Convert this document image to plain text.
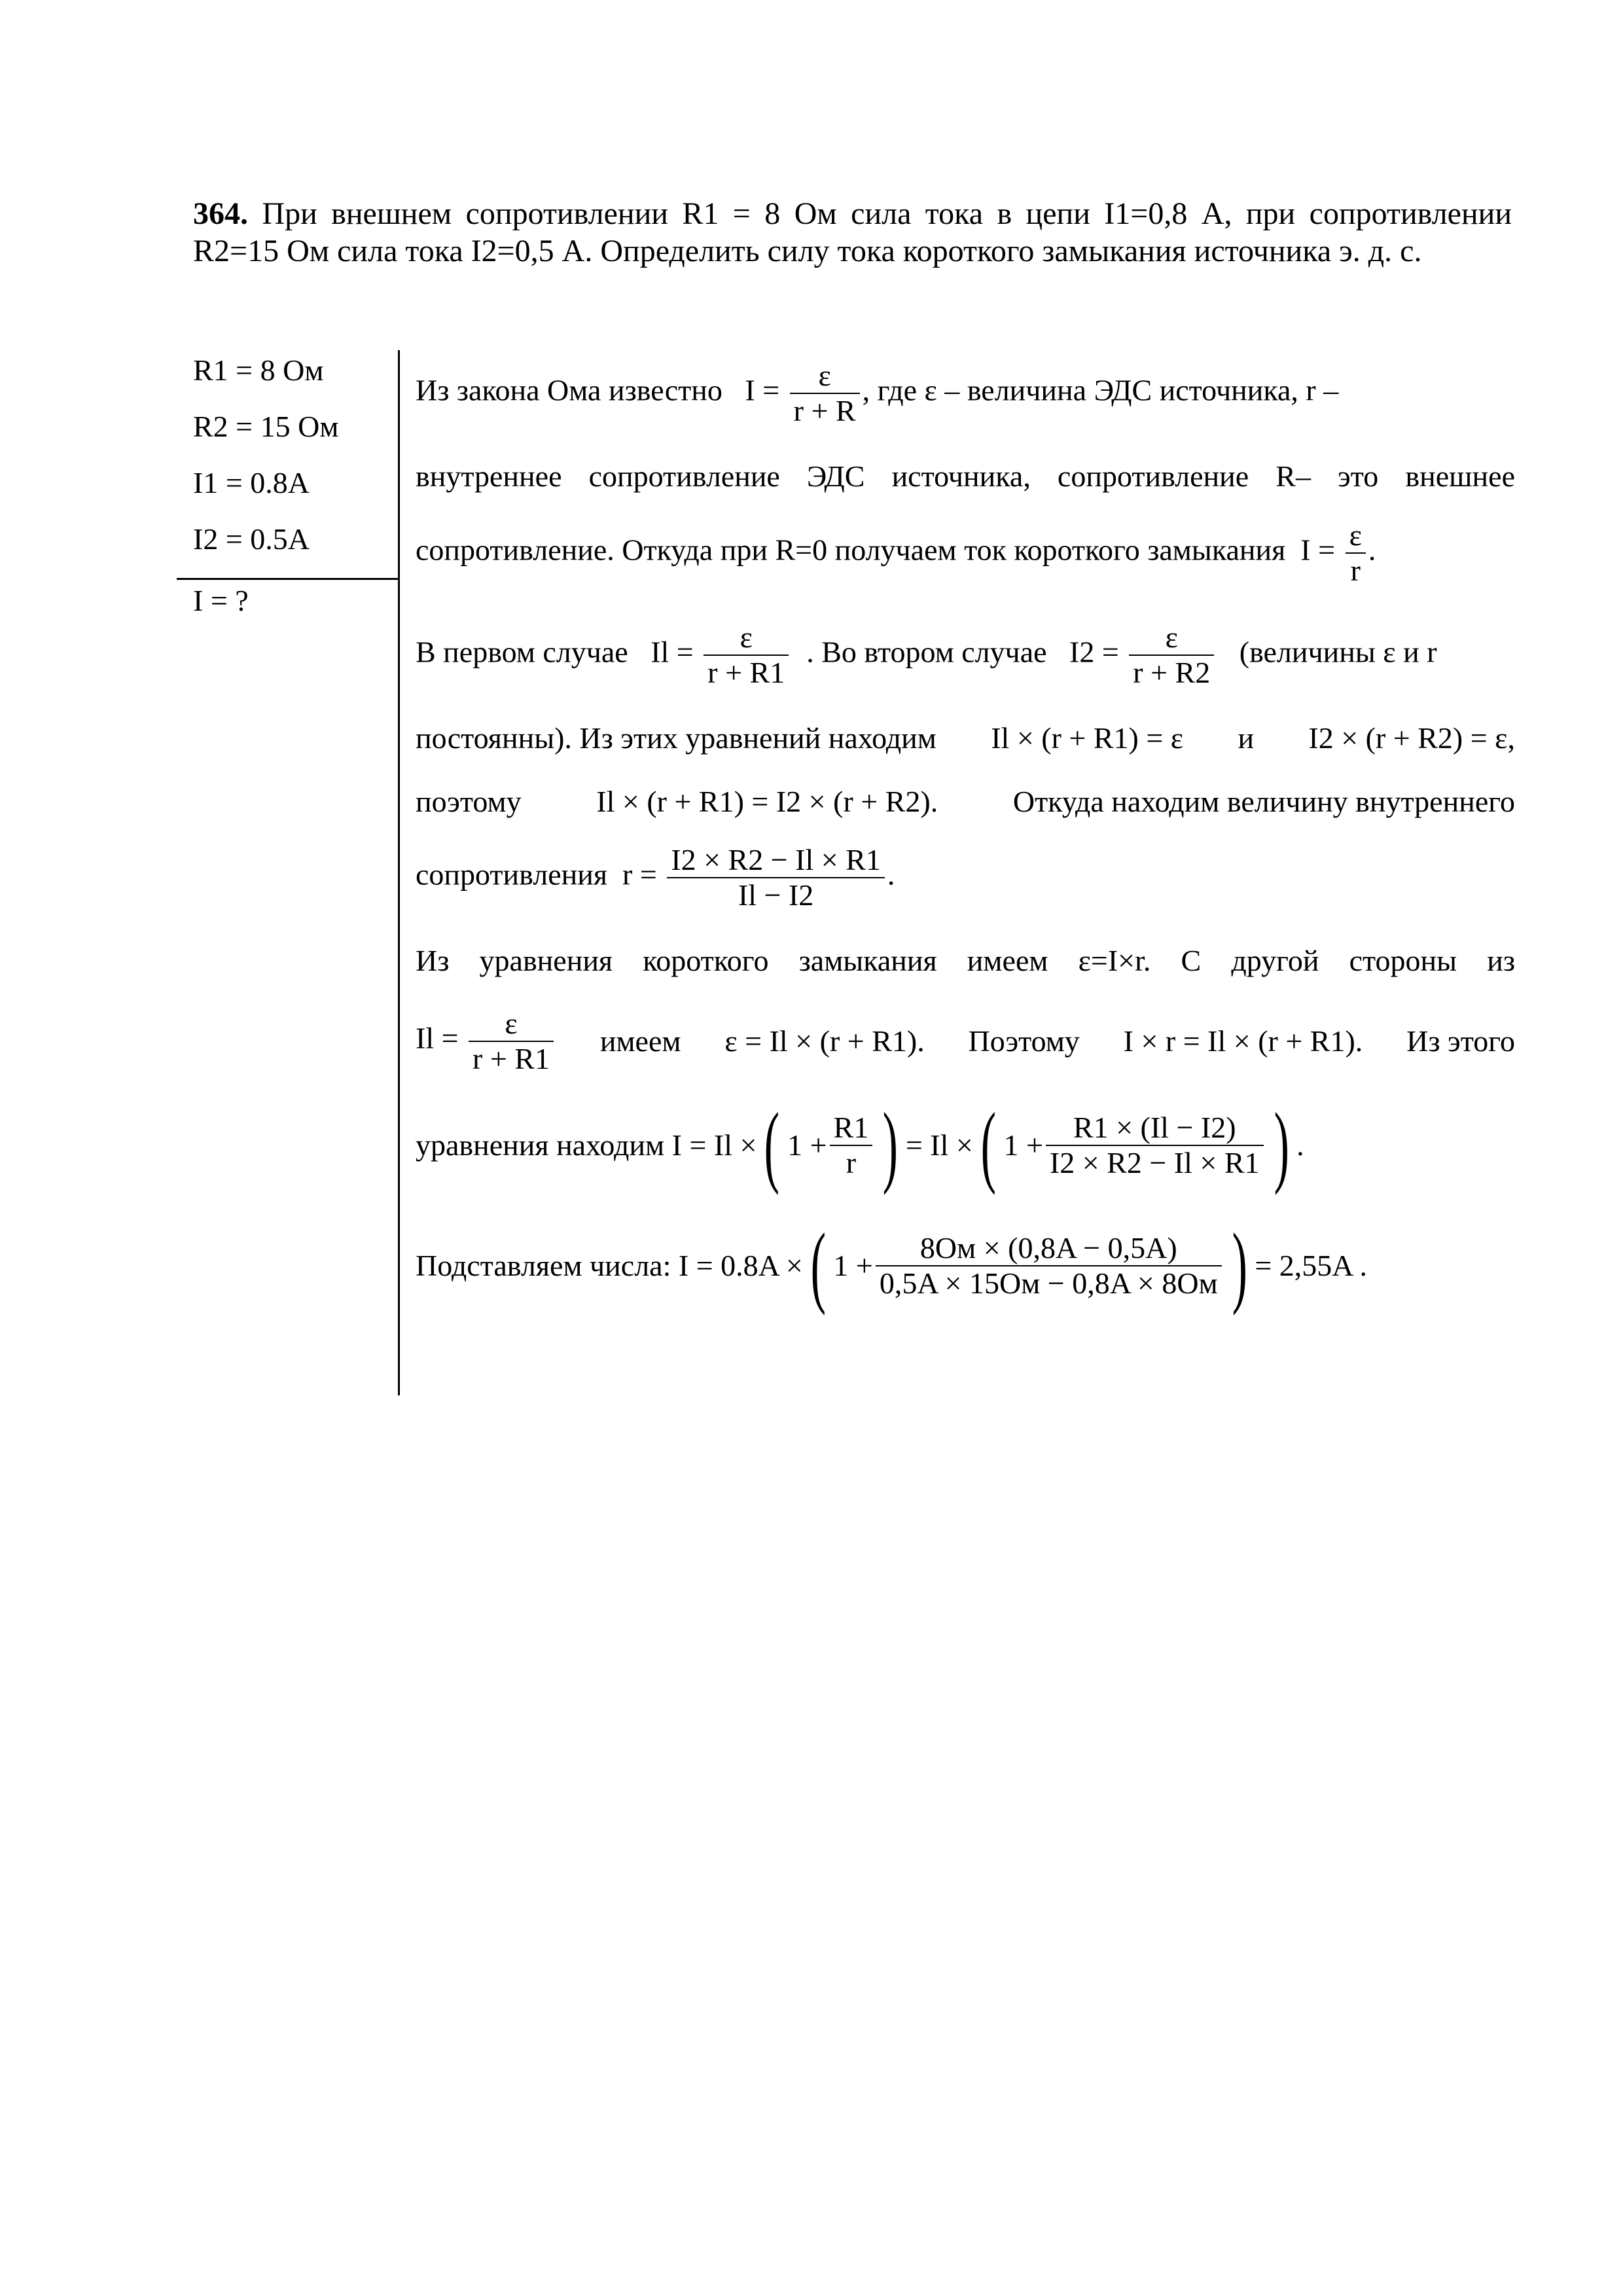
364. При внешнем сопротивлении R1 = 8 Ом сила тока в цепи I1=0,8 А, при сопротивлении R2=15 Ом сила тока I2=0,5 А. Определить силу тока короткого замыкания источника э. д. с.
R1 = 8 Ом
R2 = 15 Ом
I1 = 0.8A
I2 = 0.5A
I = ?
Из закона Ома известно $I = \frac{\varepsilon}{r + R}$ , где ε – величина ЭДС источника, r –
внутреннее сопротивление ЭДС источника, сопротивление R– это внешнее
сопротивление. Откуда при R=0 получаем ток короткого замыкания $I = \frac{\varepsilon}{r}$ .
В первом случае $Il = \frac{\varepsilon}{r + R1}$ . Во втором случае $I2 = \frac{\varepsilon}{r + R2}$ (величины ε и r
постоянны). Из этих уравнений находим Il × (r + R1) = ε и I2 × (r + R2) = ε,
поэтому Il × (r + R1) = I2 × (r + R2). Откуда находим величину внутреннего
сопротивления $r = \frac{I2 \times R2 - Il \times R1}{Il - I2}$ .
Из уравнения короткого замыкания имеем ε=I×r. С другой стороны из
$Il = \frac{\varepsilon}{r + R1}$ имеем ε = Il × (r + R1). Поэтому I × r = Il × (r + R1). Из этого
уравнения находим
I = Il × ( $1 + \frac{R1}{r}$ ) = Il × ( $1 + \frac{R1 \times (Il - I2)}{I2 \times R2 - Il \times R1}$ ) .
Подставляем числа:
I = 0.8A × ( $1 + \frac{8Ом \times (0,8A - 0,5A)}{0,5A \times 15Ом - 0,8A \times 8Ом}$ ) = 2,55A .
